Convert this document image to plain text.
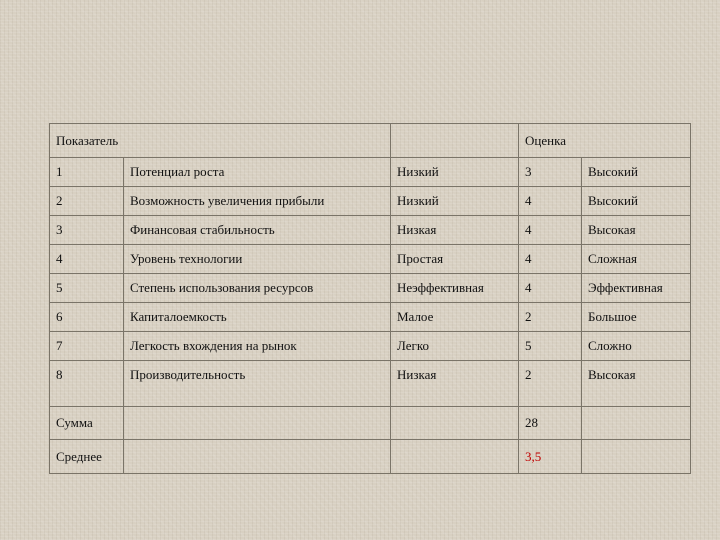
Показатель			Оценка	
1	Потенциал роста	Низкий	3	Высокий
2	Возможность увеличения прибыли	Низкий	4	Высокий
3	Финансовая стабильность	Низкая	4	Высокая
4	Уровень технологии	Простая	4	Сложная
5	Степень использования ресурсов	Неэффективная	4	Эффективная
6	Капиталоемкость	Малое	2	Большое
7	Легкость вхождения на рынок	Легко	5	Сложно
8	Производительность	Низкая	2	Высокая
Сумма			28	
Среднее			3,5	
